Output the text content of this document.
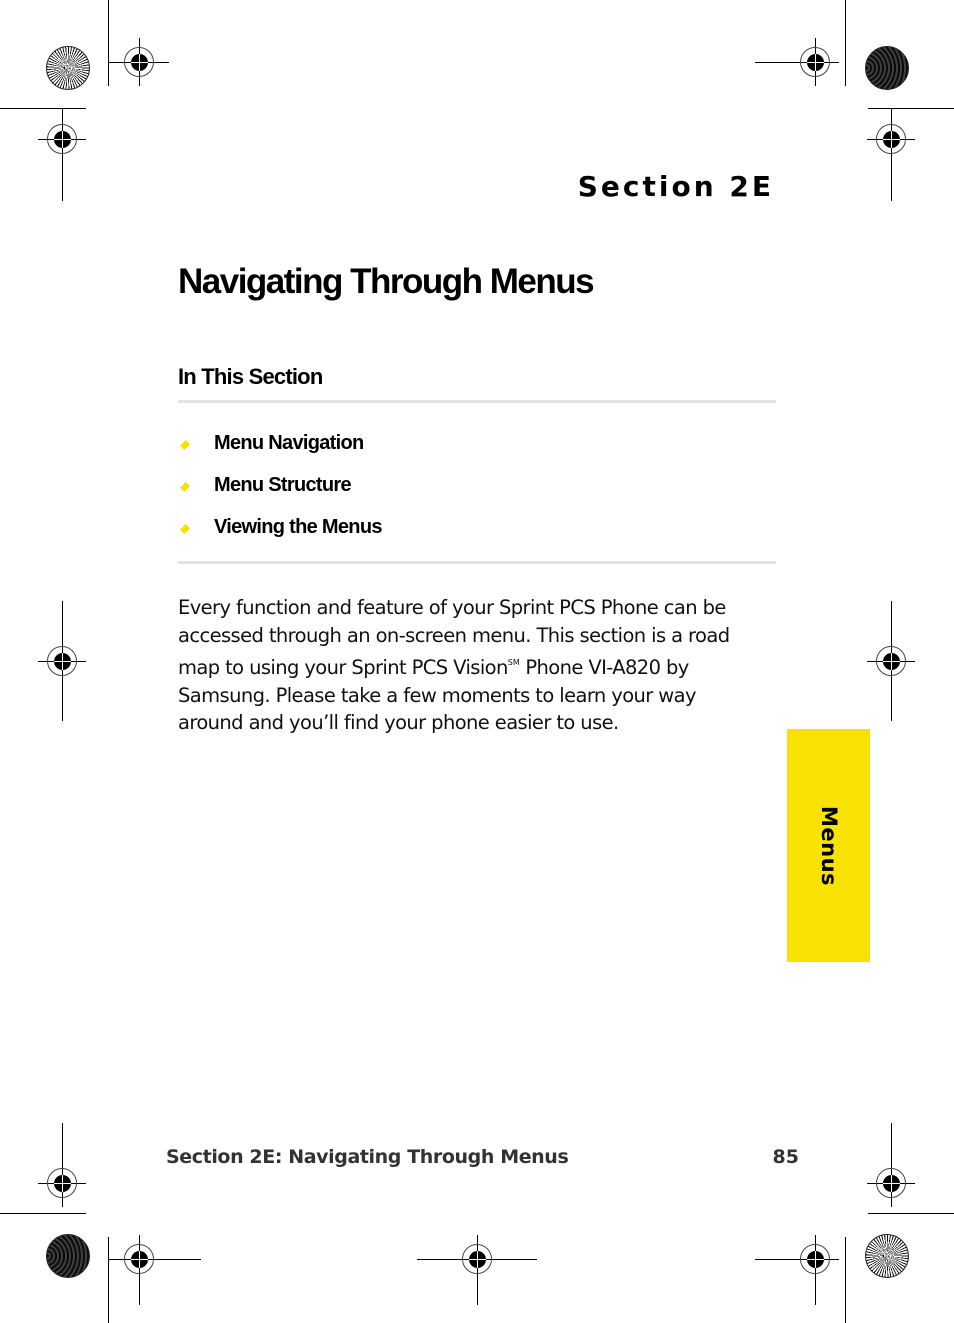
Section 2E
Navigating Through Menus
In This Section
Menu Navigation
Menu Structure
Viewing the Menus

Every function and feature of your Sprint PCS Phone can be accessed through an on-screen menu. This section is a road map to using your Sprint PCS Vision℠ Phone VI-A820 by Samsung. Please take a few moments to learn your way around and you’ll find your phone easier to use.

Menus
Section 2E: Navigating Through Menus	85
